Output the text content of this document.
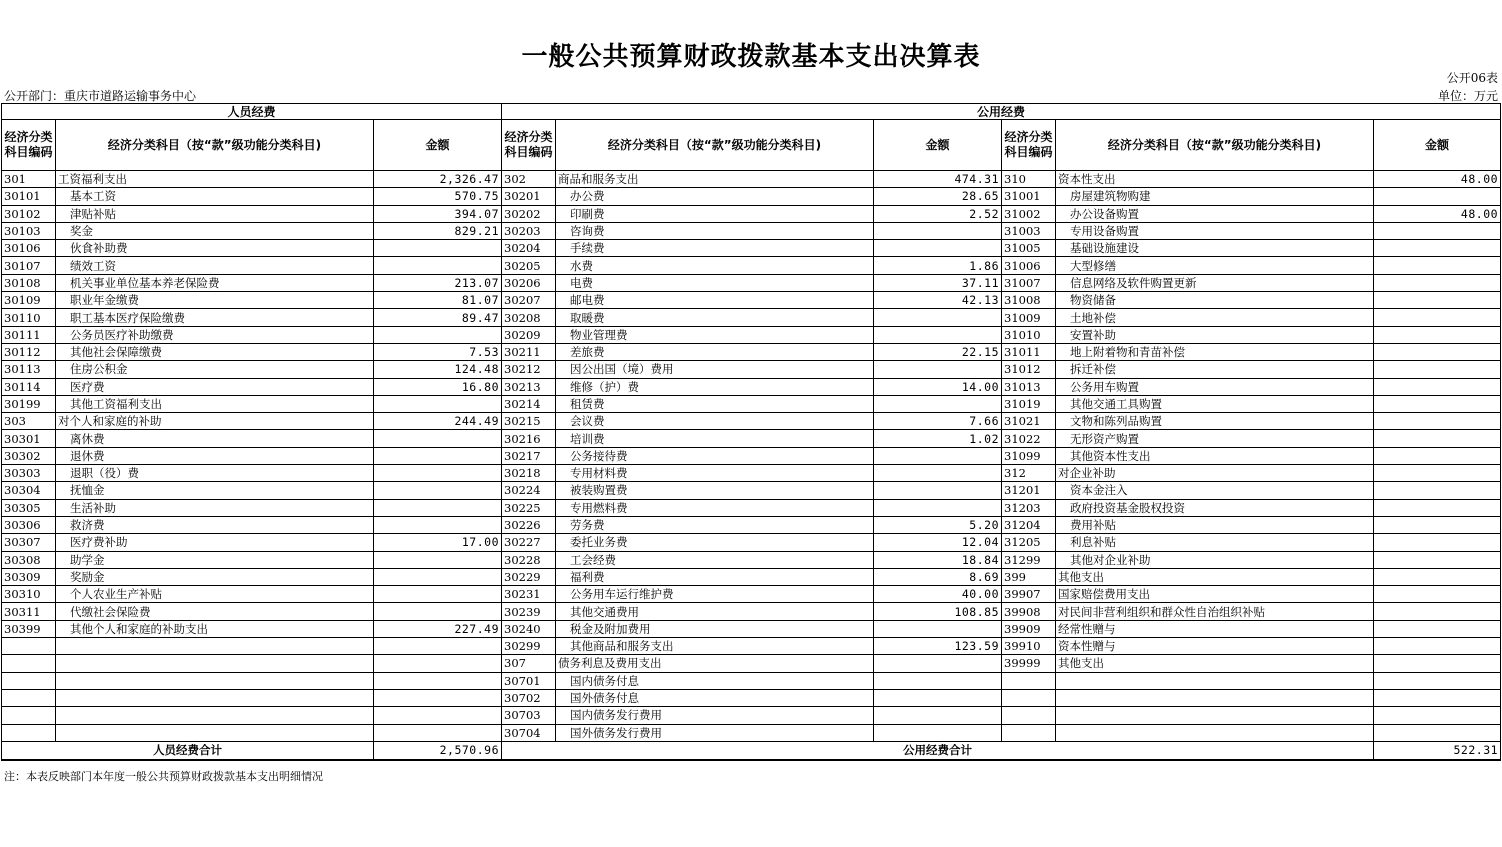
一般公共预算财政拨款基本支出决算表
公开06表
公开部门：重庆市道路运输事务中心	单位：万元
人员经费			公用经费					
经济分类科目编码	经济分类科目（按“款”级功能分类科目)	金额	经济分类科目编码	经济分类科目（按“款”级功能分类科目)	金额	经济分类科目编码	经济分类科目（按“款”级功能分类科目)	金额
301	工资福利支出	2,326.47	302	商品和服务支出	474.31	310	资本性支出	48.00
30101	基本工资	570.75	30201	办公费	28.65	31001	房屋建筑物购建	
30102	津贴补贴	394.07	30202	印刷费	2.52	31002	办公设备购置	48.00
30103	奖金	829.21	30203	咨询费		31003	专用设备购置	
30106	伙食补助费		30204	手续费		31005	基础设施建设	
30107	绩效工资		30205	水费	1.86	31006	大型修缮	
30108	机关事业单位基本养老保险费	213.07	30206	电费	37.11	31007	信息网络及软件购置更新	
30109	职业年金缴费	81.07	30207	邮电费	42.13	31008	物资储备	
30110	职工基本医疗保险缴费	89.47	30208	取暖费		31009	土地补偿	
30111	公务员医疗补助缴费		30209	物业管理费		31010	安置补助	
30112	其他社会保障缴费	7.53	30211	差旅费	22.15	31011	地上附着物和青苗补偿	
30113	住房公积金	124.48	30212	因公出国（境）费用		31012	拆迁补偿	
30114	医疗费	16.80	30213	维修（护）费	14.00	31013	公务用车购置	
30199	其他工资福利支出		30214	租赁费		31019	其他交通工具购置	
303	对个人和家庭的补助	244.49	30215	会议费	7.66	31021	文物和陈列品购置	
30301	离休费		30216	培训费	1.02	31022	无形资产购置	
30302	退休费		30217	公务接待费		31099	其他资本性支出	
30303	退职（役）费		30218	专用材料费		312	对企业补助	
30304	抚恤金		30224	被装购置费		31201	资本金注入	
30305	生活补助		30225	专用燃料费		31203	政府投资基金股权投资	
30306	救济费		30226	劳务费	5.20	31204	费用补贴	
30307	医疗费补助	17.00	30227	委托业务费	12.04	31205	利息补贴	
30308	助学金		30228	工会经费	18.84	31299	其他对企业补助	
30309	奖励金		30229	福利费	8.69	399	其他支出	
30310	个人农业生产补贴		30231	公务用车运行维护费	40.00	39907	国家赔偿费用支出	
30311	代缴社会保险费		30239	其他交通费用	108.85	39908	对民间非营利组织和群众性自治组织补贴	
30399	其他个人和家庭的补助支出	227.49	30240	税金及附加费用		39909	经常性赠与	
			30299	其他商品和服务支出	123.59	39910	资本性赠与	
			307	债务利息及费用支出		39999	其他支出	
			30701	国内债务付息				
			30702	国外债务付息				
			30703	国内债务发行费用				
			30704	国外债务发行费用				
人员经费合计		2,570.96	公用经费合计					522.31
注：本表反映部门本年度一般公共预算财政拨款基本支出明细情况
